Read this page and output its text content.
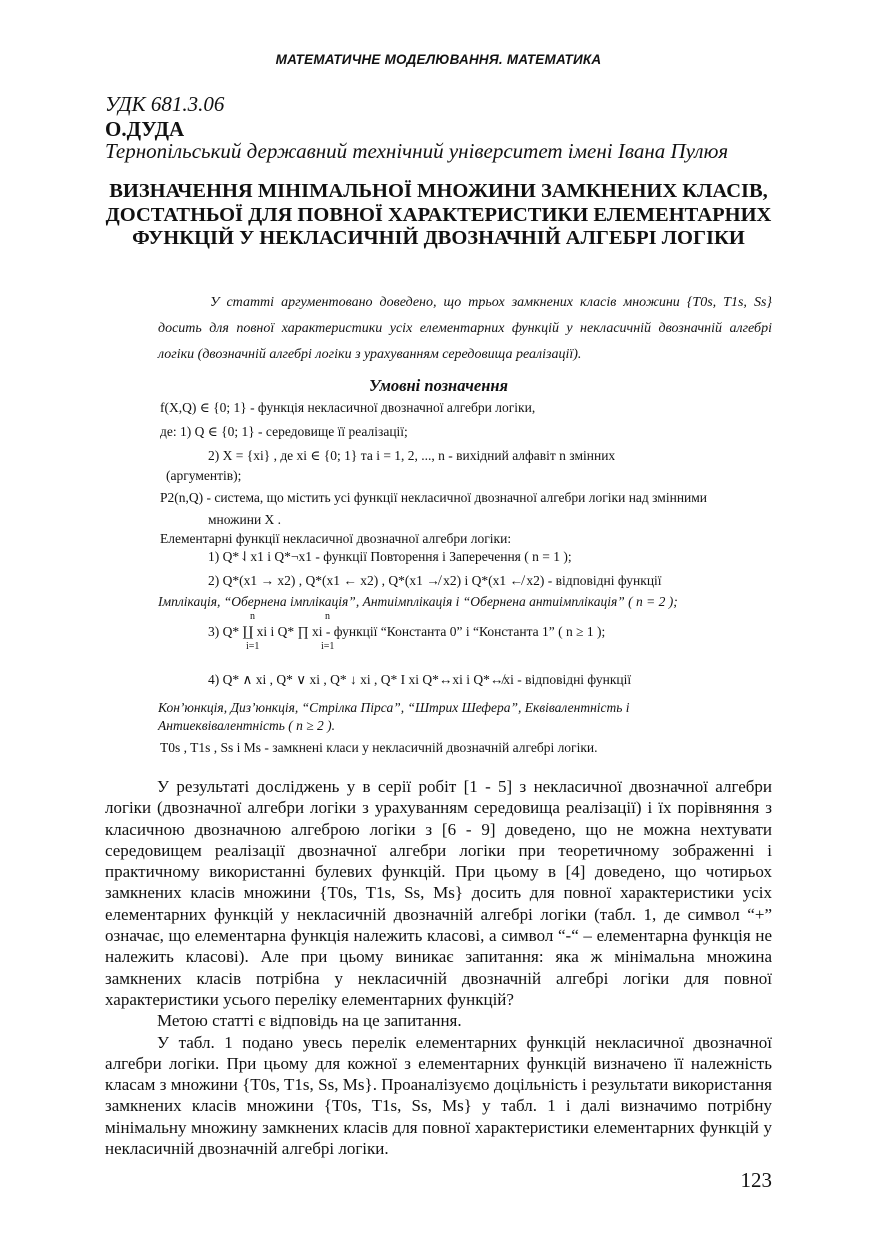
МАТЕМАТИЧНЕ МОДЕЛЮВАННЯ. МАТЕМАТИКА
УДК 681.3.06
О.ДУДА
Тернопільський державний технічний університет імені Івана Пулюя
ВИЗНАЧЕННЯ МІНІМАЛЬНОЇ МНОЖИНИ ЗАМКНЕНИХ КЛАСІВ, ДОСТАТНЬОЇ ДЛЯ ПОВНОЇ ХАРАКТЕРИСТИКИ ЕЛЕМЕНТАРНИХ ФУНКЦІЙ У НЕКЛАСИЧНІЙ ДВОЗНАЧНІЙ АЛГЕБРІ ЛОГІКИ

У статті аргументовано доведено, що трьох замкнених класів множини {T0s, T1s, Ss} досить для повної характеристики усіх елементарних функцій у некласичній двозначній алгебрі логіки (двозначній алгебрі логіки з урахуванням середовища реалізації).

Умовні позначення
f(X,Q) ∈ {0; 1} - функція некласичної двозначної алгебри логіки,
де: 1) Q ∈ {0; 1} - середовище її реалізації;
2) X = {xi} , де xi ∈ {0; 1} та i = 1, 2, ..., n - вихідний алфавіт n змінних
(аргументів);
P2(n,Q) - система, що містить усі функції некласичної двозначної алгебри логіки над змінними
множини X .
Елементарні функції некласичної двозначної алгебри логіки:
1) Q*⇃x1 і Q*¬x1 - функції Повторення і Заперечення ( n = 1 );
2) Q*(x1 → x2) , Q*(x1 ← x2) , Q*(x1 ↛ x2) і Q*(x1 ↚ x2) - відповідні функції
Імплікація, “Обернена імплікація”, Антиімплікація і “Обернена антиімплікація” ( n = 2 );
n	n
3) Q* ∐ xi і Q* ∏ xi - функції “Константа 0” і “Константа 1” ( n ≥ 1 );
i=1	i=1
4) Q* ∧ xi , Q* ∨ xi , Q* ↓ xi , Q* I xi Q*↔xi і Q*↮xi - відповідні функції
Кон’юнкція, Диз’юнкція, “Стрілка Пірса”, “Штрих Шефера”, Еквівалентність і
Антиеквівалентність ( n ≥ 2 ).
T0s , T1s , Ss і Ms - замкнені класи у некласичній двозначній алгебрі логіки.

У результаті досліджень у в серії робіт [1 - 5] з некласичної двозначної алгебри логіки (двозначної алгебри логіки з урахуванням середовища реалізації) і їх порівняння з класичною двозначною алгеброю логіки з [6 - 9] доведено, що не можна нехтувати середовищем реалізації двозначної алгебри логіки при теоретичному зображенні і практичному використанні булевих функцій. При цьому в [4] доведено, що чотирьох замкнених класів множини {T0s, T1s, Ss, Ms} досить для повної характеристики усіх елементарних функцій у некласичній двозначній алгебрі логіки (табл. 1, де символ “+” означає, що елементарна функція належить класові, а символ “-“ – елементарна функція не належить класові). Але при цьому виникає запитання: яка ж мінімальна множина замкнених класів потрібна у некласичній двозначній алгебрі логіки для повної характеристики усього переліку елементарних функцій?

Метою статті є відповідь на це запитання.

У табл. 1 подано увесь перелік елементарних функцій некласичної двозначної алгебри логіки. При цьому для кожної з елементарних функцій визначено її належність класам з множини {T0s, T1s, Ss, Ms}. Проаналізуємо доцільність і результати використання замкнених класів множини {T0s, T1s, Ss, Ms} у табл. 1 і далі визначимо потрібну мінімальну множину замкнених класів для повної характеристики елементарних функцій у некласичній двозначній алгебрі логіки.

123
